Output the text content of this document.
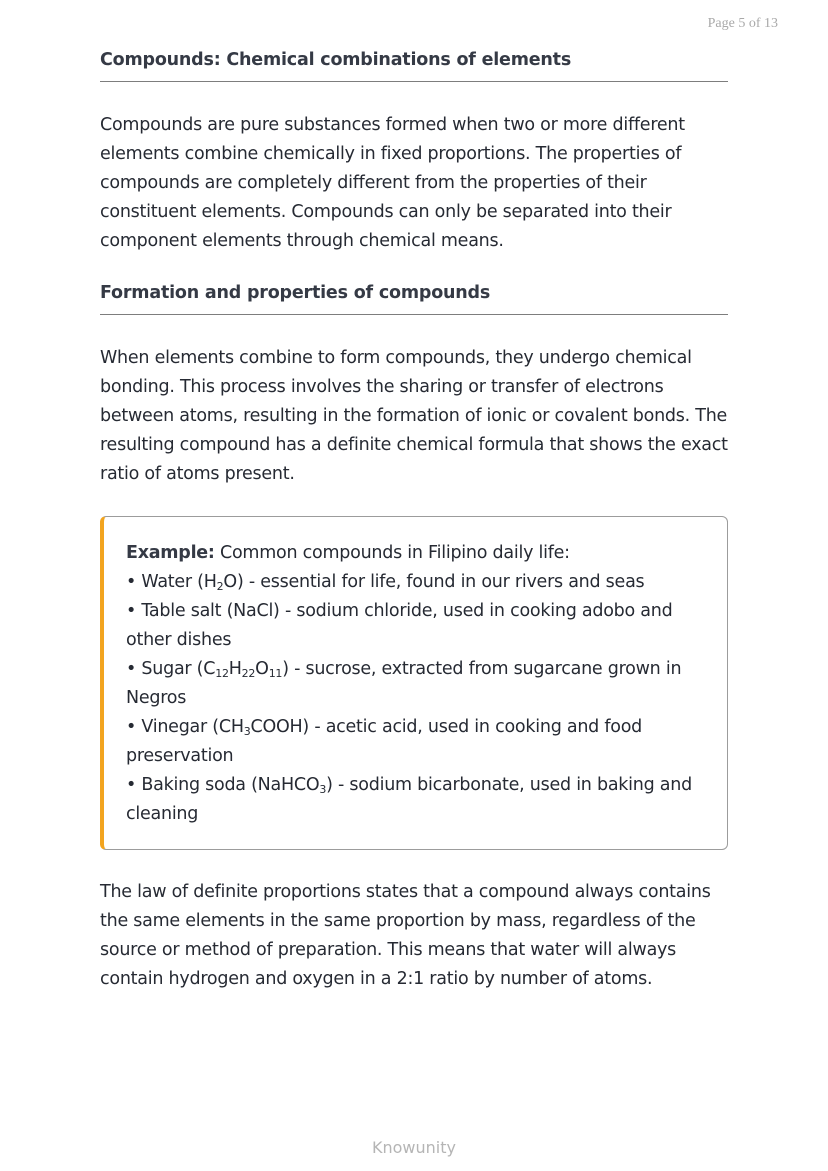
Page 5 of 13
Compounds: Chemical combinations of elements

Compounds are pure substances formed when two or more different elements combine chemically in fixed proportions. The properties of compounds are completely different from the properties of their constituent elements. Compounds can only be separated into their component elements through chemical means.

Formation and properties of compounds

When elements combine to form compounds, they undergo chemical bonding. This process involves the sharing or transfer of electrons between atoms, resulting in the formation of ionic or covalent bonds. The resulting compound has a definite chemical formula that shows the exact ratio of atoms present.

Example: Common compounds in Filipino daily life:
• Water $(H_2O)$ - essential for life, found in our rivers and seas
• Table salt (NaCl) - sodium chloride, used in cooking adobo and other dishes
• Sugar $(C_{12}H_{22}O_{11})$ - sucrose, extracted from sugarcane grown in Negros
• Vinegar $(CH_3COOH)$ - acetic acid, used in cooking and food preservation
• Baking soda (NaHCO$_3$) - sodium bicarbonate, used in baking and cleaning

The law of definite proportions states that a compound always contains the same elements in the same proportion by mass, regardless of the source or method of preparation. This means that water will always contain hydrogen and oxygen in a 2:1 ratio by number of atoms.

Knowunity
